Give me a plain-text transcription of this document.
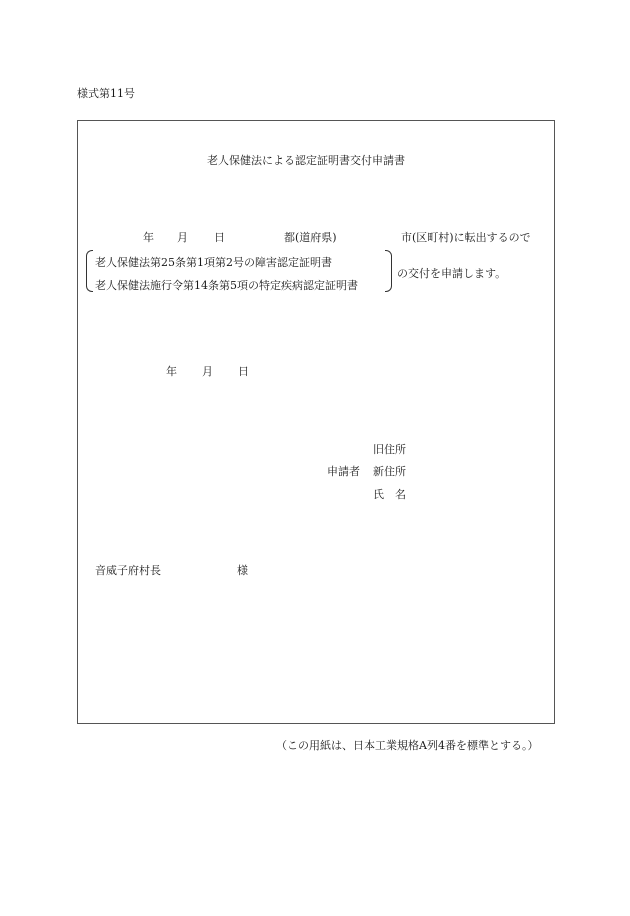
様式第11号
老人保健法による認定証明書交付申請書
年 月 日	都(道府県)	市(区町村)に転出するので
老人保健法第25条第1項第2号の障害認定証明書
老人保健法施行令第14条第5項の特定疾病認定証明書
の交付を申請します。
年 月 日
旧住所
申請者 新住所
氏　名
音威子府村長	様
（この用紙は、日本工業規格A列4番を標準とする。）
